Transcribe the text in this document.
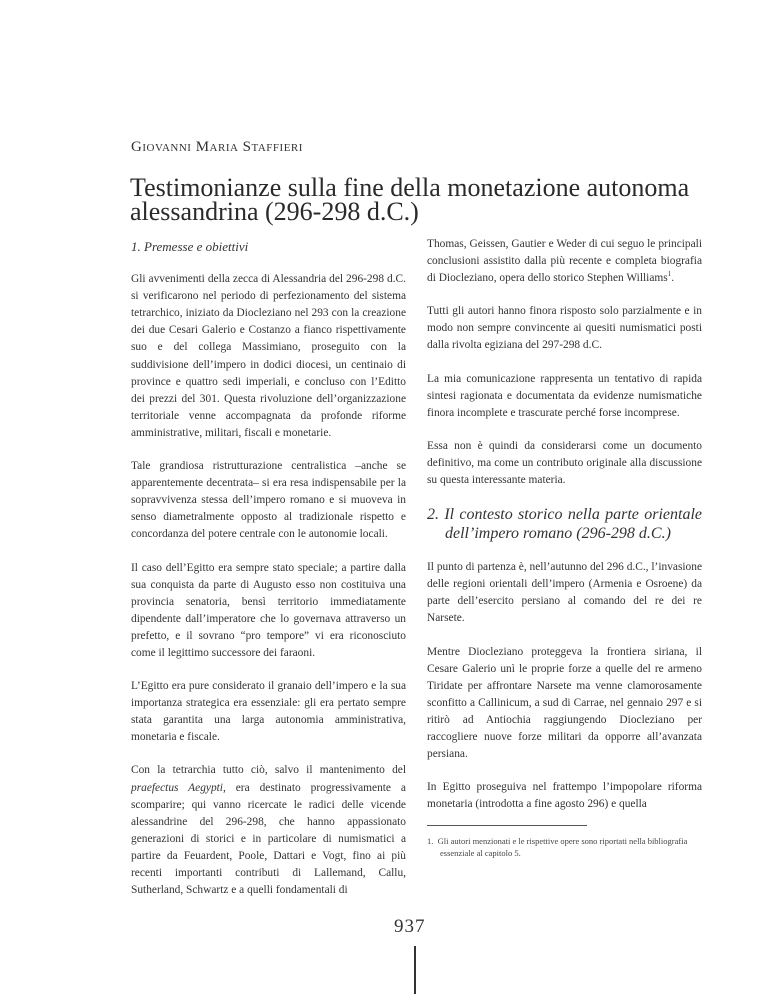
Giovanni Maria Staffieri
Testimonianze sulla fine della monetazione autonoma alessandrina (296-298 d.C.)
1. Premesse e obiettivi

Gli avvenimenti della zecca di Alessandria del 296-298 d.C. si verificarono nel periodo di perfezionamento del sistema tetrarchico, iniziato da Diocleziano nel 293 con la creazione dei due Cesari Galerio e Costanzo a fianco rispettivamente suo e del collega Massimiano, proseguito con la suddivisione dell’impero in dodici diocesi, un centinaio di province e quattro sedi imperiali, e concluso con l’Editto dei prezzi del 301. Questa rivoluzione dell’organizzazione territoriale venne accompagnata da profonde riforme amministrative, militari, fiscali e monetarie.

Tale grandiosa ristrutturazione centralistica –anche se apparentemente decentrata– si era resa indispensabile per la sopravvivenza stessa dell’impero romano e si muoveva in senso diametralmente opposto al tradizionale rispetto e concordanza del potere centrale con le autonomie locali.

Il caso dell’Egitto era sempre stato speciale; a partire dalla sua conquista da parte di Augusto esso non costituiva una provincia senatoria, bensì territorio immediatamente dipendente dall’imperatore che lo governava attraverso un prefetto, e il sovrano “pro tempore” vi era riconosciuto come il legittimo successore dei faraoni.

L’Egitto era pure considerato il granaio dell’impero e la sua importanza strategica era essenziale: gli era pertato sempre stata garantita una larga autonomia amministrativa, monetaria e fiscale.

Con la tetrarchia tutto ciò, salvo il mantenimento del praefectus Aegypti, era destinato progressivamente a scomparire; qui vanno ricercate le radici delle vicende alessandrine del 296-298, che hanno appassionato generazioni di storici e in particolare di numismatici a partire da Feuardent, Poole, Dattari e Vogt, fino ai più recenti importanti contributi di Lallemand, Callu, Sutherland, Schwartz e a quelli fondamentali di

Thomas, Geissen, Gautier e Weder di cui seguo le principali conclusioni assistito dalla più recente e completa biografia di Diocleziano, opera dello storico Stephen Williams$^1$.

Tutti gli autori hanno finora risposto solo parzialmente e in modo non sempre convincente ai quesiti numismatici posti dalla rivolta egiziana del 297-298 d.C.

La mia comunicazione rappresenta un tentativo di rapida sintesi ragionata e documentata da evidenze numismatiche finora incomplete e trascurate perché forse incomprese.

Essa non è quindi da considerarsi come un documento definitivo, ma come un contributo originale alla discussione su questa interessante materia.

2. Il contesto storico nella parte orientale dell’impero romano (296-298 d.C.)

Il punto di partenza è, nell’autunno del 296 d.C., l’invasione delle regioni orientali dell’impero (Armenia e Osroene) da parte dell’esercito persiano al comando del re dei re Narsete.

Mentre Diocleziano proteggeva la frontiera siriana, il Cesare Galerio unì le proprie forze a quelle del re armeno Tiridate per affrontare Narsete ma venne clamorosamente sconfitto a Callinicum, a sud di Carrae, nel gennaio 297 e si ritirò ad Antiochia raggiungendo Diocleziano per raccogliere nuove forze militari da opporre all’avanzata persiana.

In Egitto proseguiva nel frattempo l’impopolare riforma monetaria (introdotta a fine agosto 296) e quella

1. Gli autori menzionati e le rispettive opere sono riportati nella bibliografia essenziale al capitolo 5.
937
